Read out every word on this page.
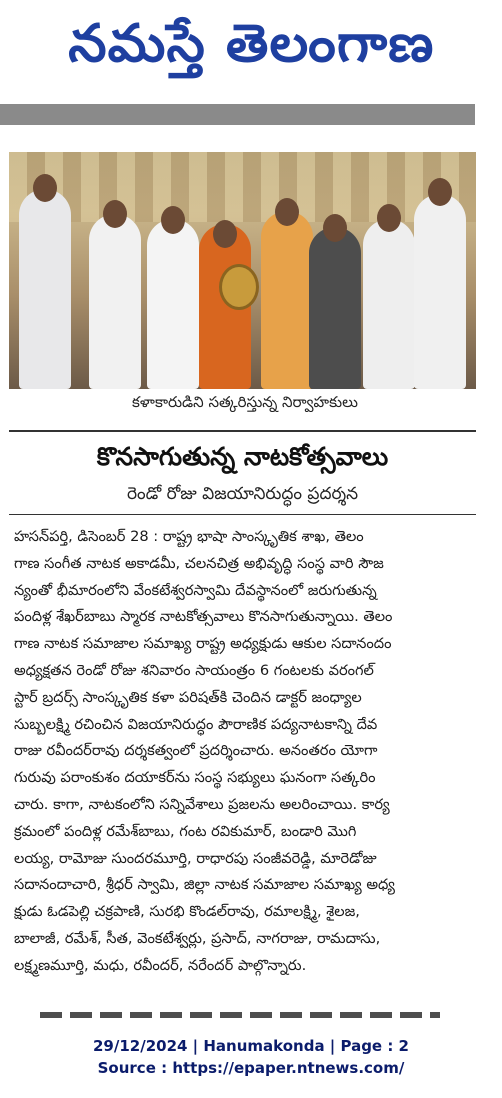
నమస్తే తెలంగాణ
కళాకారుడిని సత్కరిస్తున్న నిర్వాహకులు
కొనసాగుతున్న నాటకోత్సవాలు
రెండో రోజు విజయానిరుద్ధం ప్రదర్శన
హసన్‌పర్తి, డిసెంబర్ 28 : రాష్ట్ర భాషా సాంస్కృతిక శాఖ, తెలం
గాణ సంగీత నాటక అకాడమీ, చలనచిత్ర అభివృద్ధి సంస్థ వారి సౌజ
న్యంతో భీమారంలోని వేంకటేశ్వరస్వామి దేవస్థానంలో జరుగుతున్న
పందిళ్ల శేఖర్‌బాబు స్మారక నాటకోత్సవాలు కొనసాగుతున్నాయి. తెలం
గాణ నాటక సమాజాల సమాఖ్య రాష్ట్ర అధ్యక్షుడు ఆకుల సదానందం
అధ్యక్షతన రెండో రోజు శనివారం సాయంత్రం 6 గంటలకు వరంగల్
స్టార్ బ్రదర్స్ సాంస్కృతిక కళా పరిషత్‌కి చెందిన డాక్టర్ జంధ్యాల
సుబ్బలక్ష్మి రచించిన విజయానిరుద్ధం పౌరాణిక పద్యనాటకాన్ని దేవ
రాజు రవీందర్‌రావు దర్శకత్వంలో ప్రదర్శించారు. అనంతరం యోగా
గురువు పరాంకుశం దయాకర్‌ను సంస్థ సభ్యులు ఘనంగా సత్కరిం
చారు. కాగా, నాటకంలోని సన్నివేశాలు ప్రజలను అలరించాయి. కార్య
క్రమంలో పందిళ్ల రమేశ్‌బాబు, గంట రవికుమార్, బండారి మొగి
లయ్య, రామోజు సుందరమూర్తి, రాధారపు సంజీవరెడ్డి, మారెడోజు
సదానందాచారి, శ్రీధర్ స్వామి, జిల్లా నాటక సమాజాల సమాఖ్య అధ్య
క్షుడు ఓడపెల్లి చక్రపాణి, సురభి కొండల్‌రావు, రమాలక్ష్మి, శైలజ,
బాలాజీ, రమేశ్, సీత, వెంకటేశ్వర్లు, ప్రసాద్, నాగరాజు, రామదాసు,
లక్ష్మణమూర్తి, మధు, రవీందర్, నరేందర్ పాల్గొన్నారు.
29/12/2024 | Hanumakonda | Page : 2
Source : https://epaper.ntnews.com/
